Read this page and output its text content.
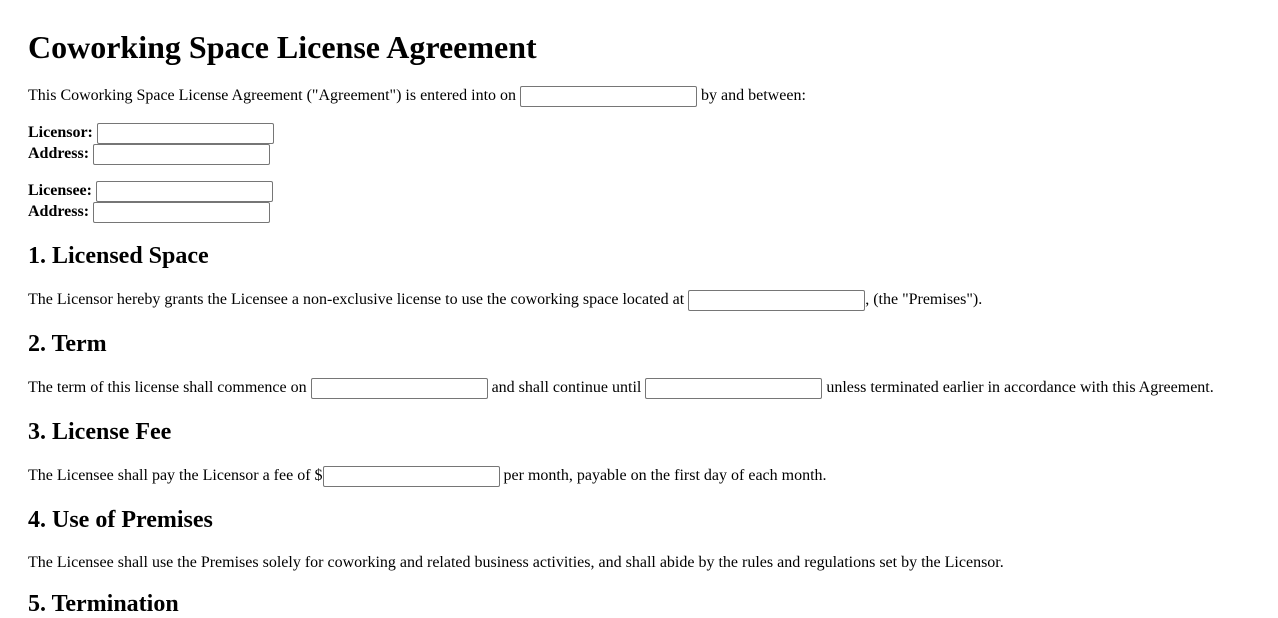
Coworking Space License Agreement
This Coworking Space License Agreement ("Agreement") is entered into on	by and between:
Licensor:
Address:
Licensee:
Address:
1. Licensed Space
The Licensor hereby grants the Licensee a non-exclusive license to use the coworking space located at	, (the "Premises").
2. Term
The term of this license shall commence on	and shall continue until	unless terminated earlier in accordance with this Agreement.
3. License Fee
The Licensee shall pay the Licensor a fee of $	per month, payable on the first day of each month.
4. Use of Premises
The Licensee shall use the Premises solely for coworking and related business activities, and shall abide by the rules and regulations set by the Licensor.
5. Termination
